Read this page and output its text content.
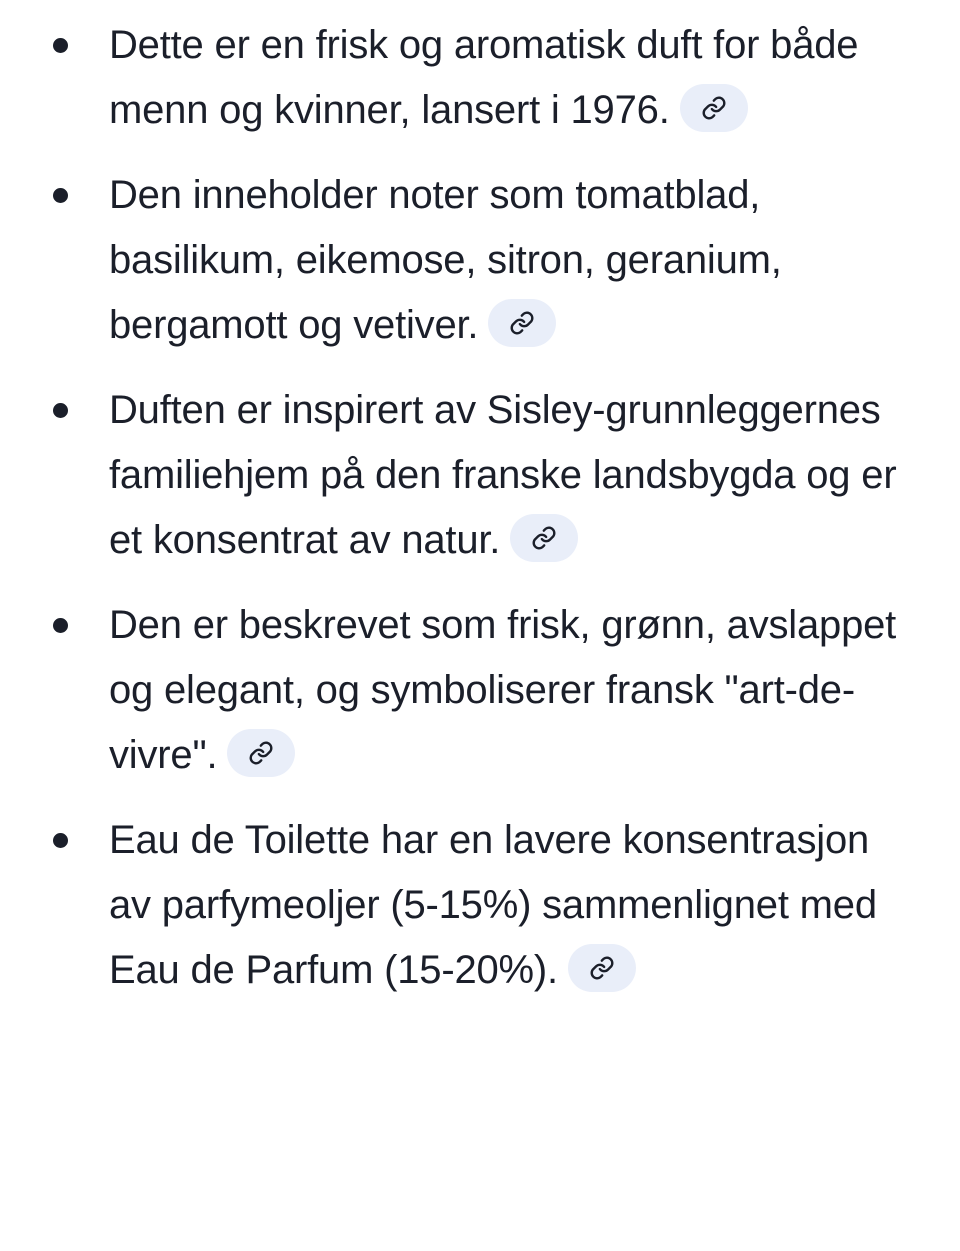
Dette er en frisk og aromatisk duft for både menn og kvinner, lansert i 1976.
Den inneholder noter som tomatblad, basilikum, eikemose, sitron, geranium, bergamott og vetiver.
Duften er inspirert av Sisley-grunnleggernes familiehjem på den franske landsbygda og er et konsentrat av natur.
Den er beskrevet som frisk, grønn, avslappet og elegant, og symboliserer fransk "art-de-vivre".
Eau de Toilette har en lavere konsentrasjon av parfymeoljer (5-15%) sammenlignet med Eau de Parfum (15-20%).
